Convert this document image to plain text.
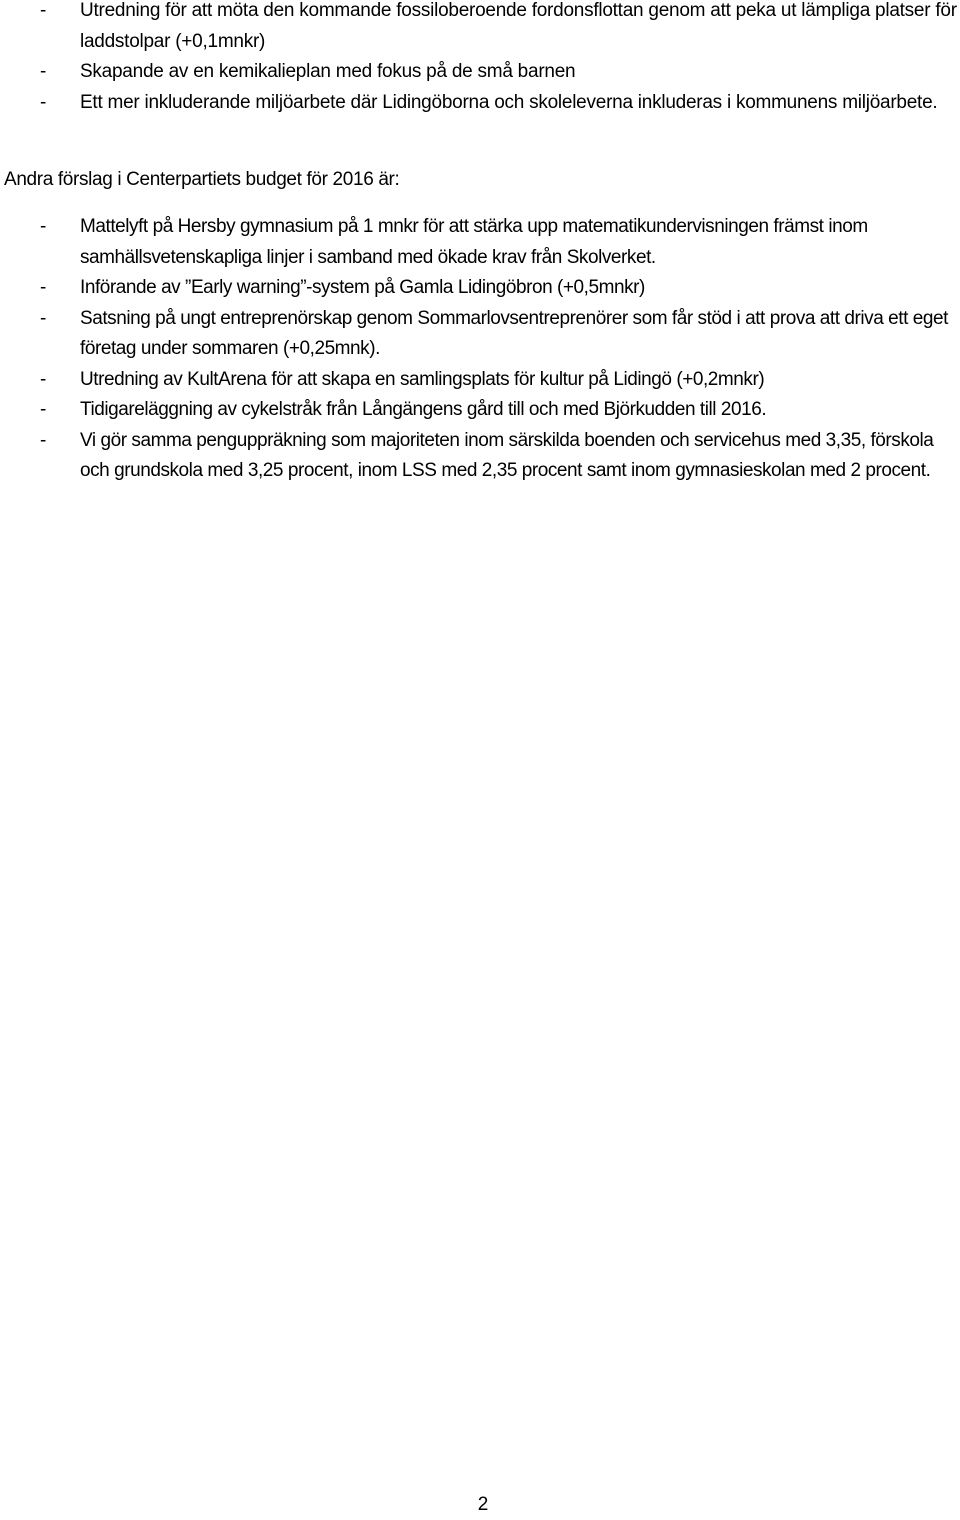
- Utredning för att möta den kommande fossiloberoende fordonsflottan genom att peka ut lämpliga platser för laddstolpar (+0,1mnkr)
- Skapande av en kemikalieplan med fokus på de små barnen
- Ett mer inkluderande miljöarbete där Lidingöborna och skoleleverna inkluderas i kommunens miljöarbete.

Andra förslag i Centerpartiets budget för 2016 är:

- Mattelyft på Hersby gymnasium på 1 mnkr för att stärka upp matematikundervisningen främst inom samhällsvetenskapliga linjer i samband med ökade krav från Skolverket.
- Införande av ”Early warning”-system på Gamla Lidingöbron (+0,5mnkr)
- Satsning på ungt entreprenörskap genom Sommarlovsentreprenörer som får stöd i att prova att driva ett eget företag under sommaren (+0,25mnk).
- Utredning av KultArena för att skapa en samlingsplats för kultur på Lidingö (+0,2mnkr)
- Tidigareläggning av cykelstråk från Långängens gård till och med Björkudden till 2016.
- Vi gör samma penguppräkning som majoriteten inom särskilda boenden och servicehus med 3,35, förskola och grundskola med 3,25 procent, inom LSS med 2,35 procent samt inom gymnasieskolan med 2 procent.
2
